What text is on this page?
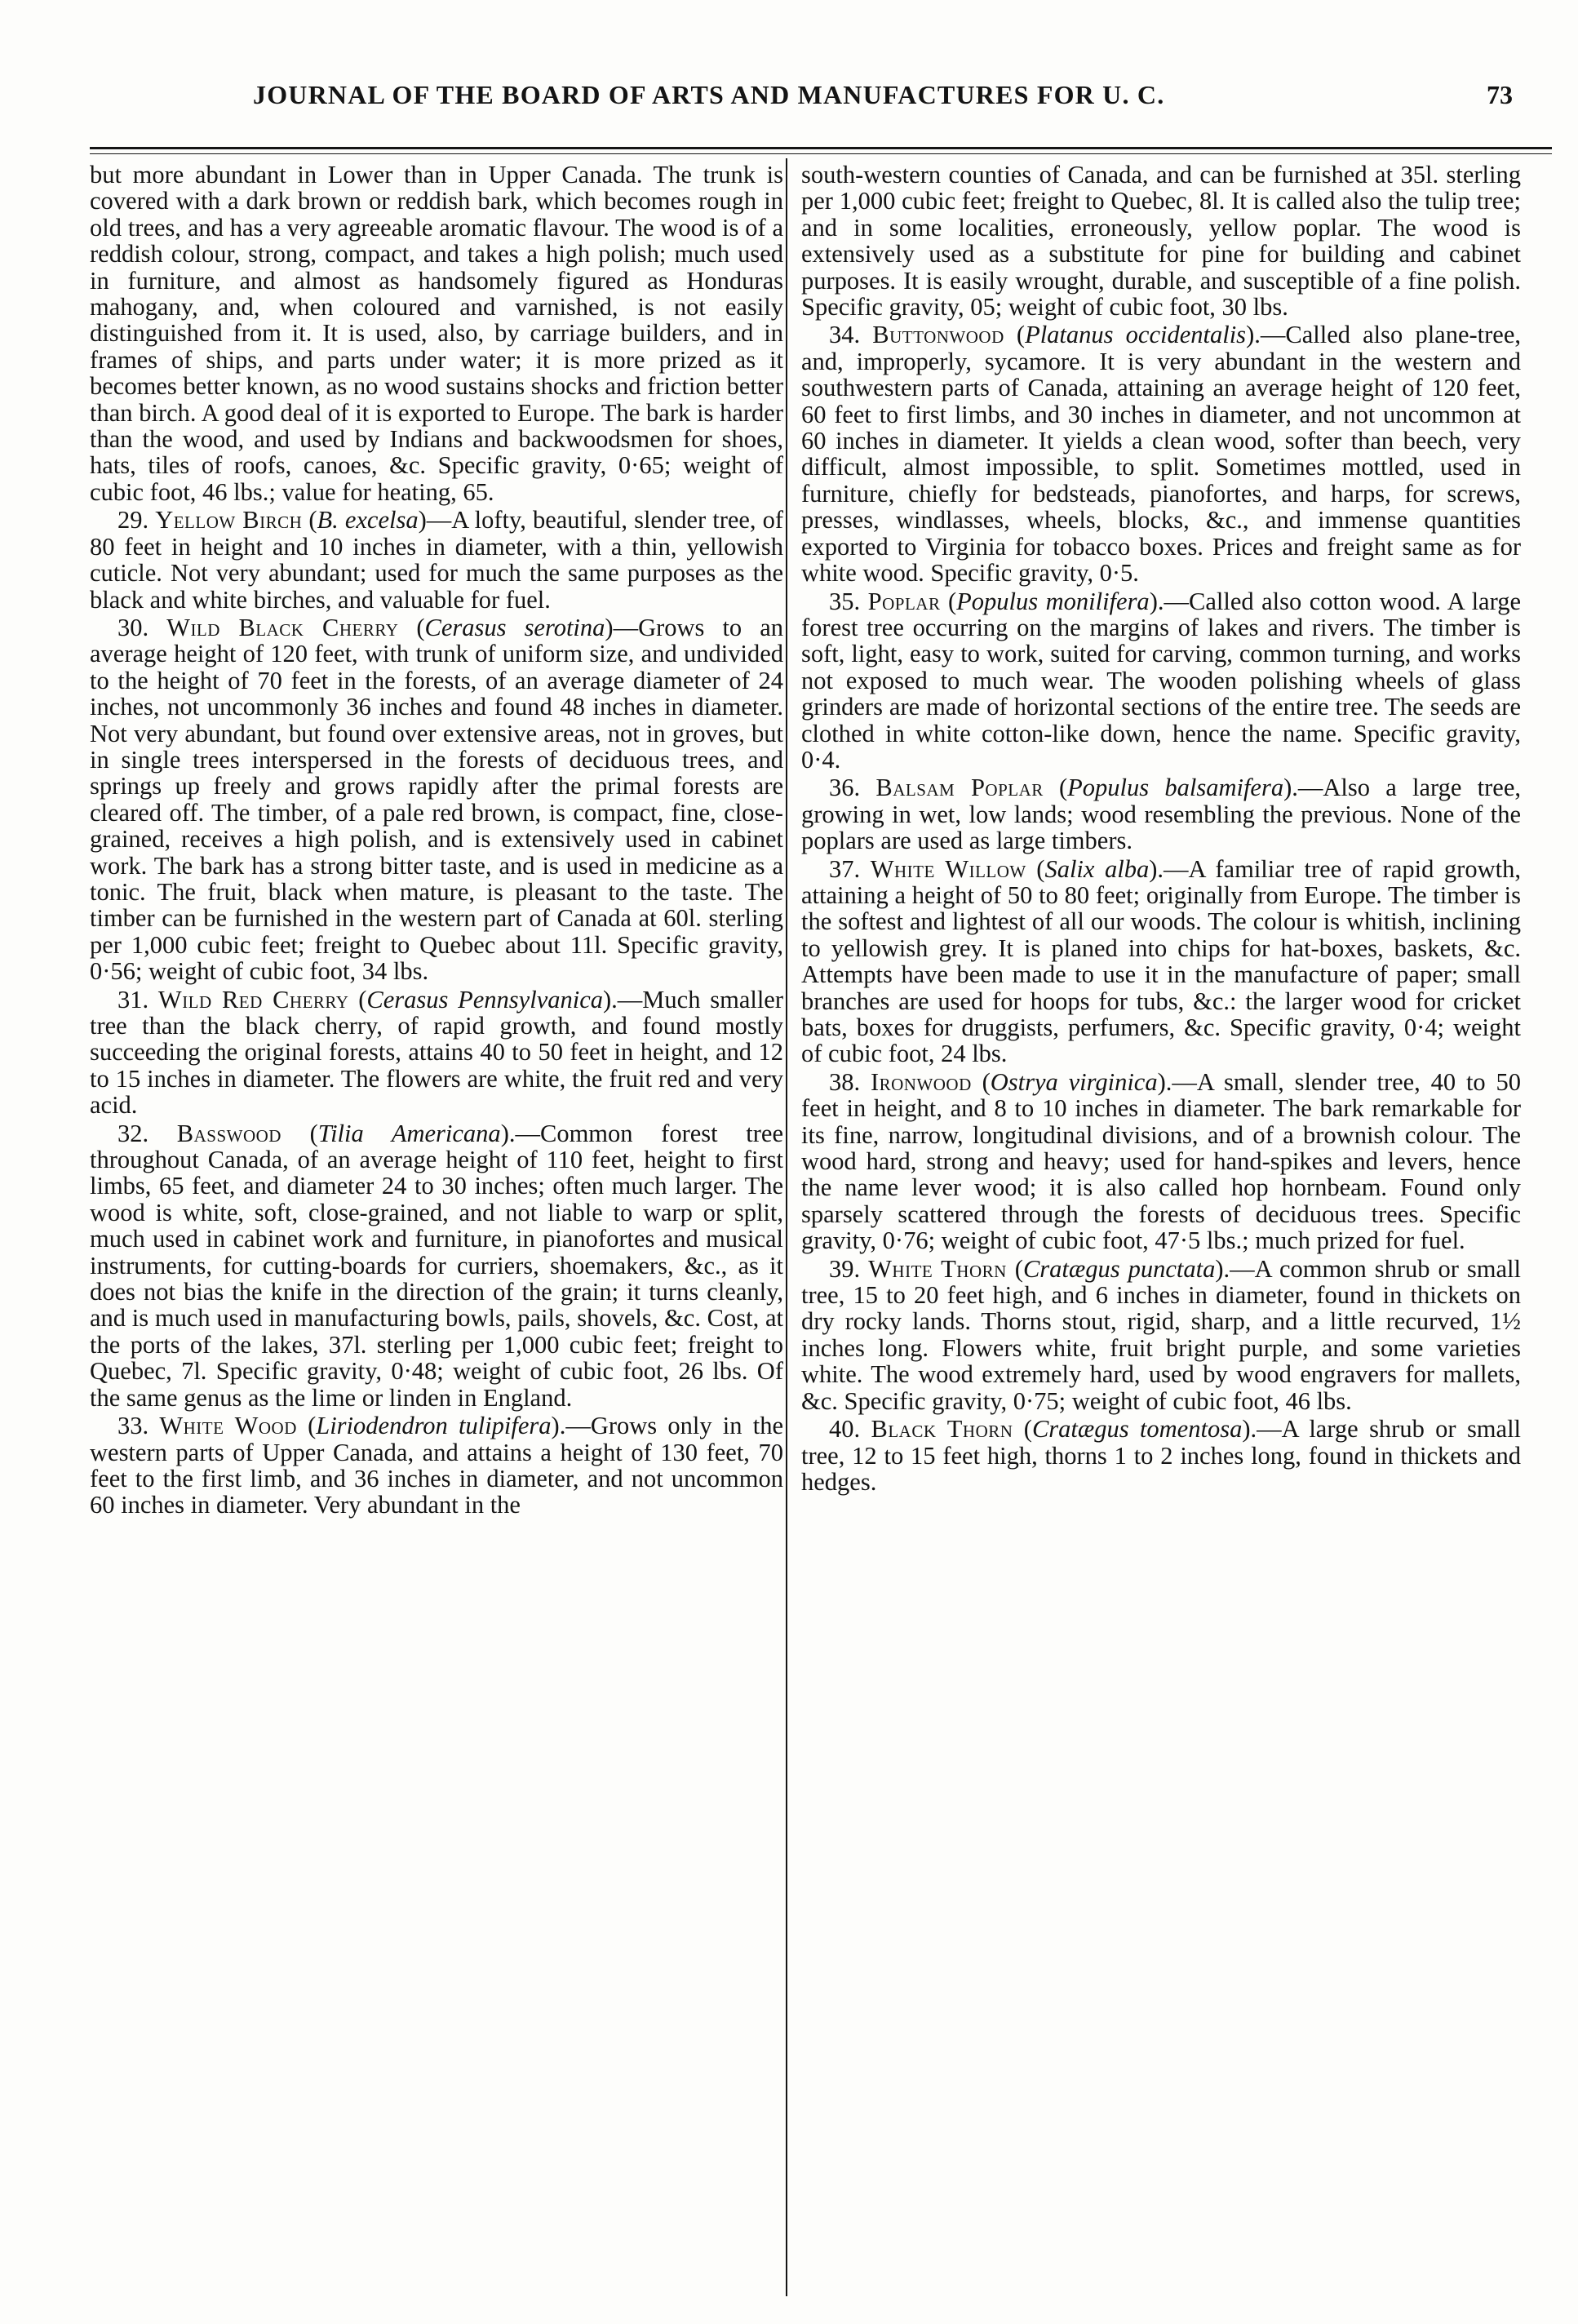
JOURNAL OF THE BOARD OF ARTS AND MANUFACTURES FOR U. C.	73

but more abundant in Lower than in Upper Canada. The trunk is covered with a dark brown or reddish bark, which becomes rough in old trees, and has a very agreeable aromatic flavour. The wood is of a reddish colour, strong, compact, and takes a high polish; much used in furniture, and almost as handsomely figured as Honduras mahogany, and, when coloured and varnished, is not easily distinguished from it. It is used, also, by carriage builders, and in frames of ships, and parts under water; it is more prized as it becomes better known, as no wood sustains shocks and friction better than birch. A good deal of it is exported to Europe. The bark is harder than the wood, and used by Indians and backwoodsmen for shoes, hats, tiles of roofs, canoes, &c. Specific gravity, 0·65; weight of cubic foot, 46 lbs.; value for heating, 65.

29. Yellow Birch (B. excelsa)—A lofty, beautiful, slender tree, of 80 feet in height and 10 inches in diameter, with a thin, yellowish cuticle. Not very abundant; used for much the same purposes as the black and white birches, and valuable for fuel.

30. Wild Black Cherry (Cerasus serotina)—Grows to an average height of 120 feet, with trunk of uniform size, and undivided to the height of 70 feet in the forests, of an average diameter of 24 inches, not uncommonly 36 inches and found 48 inches in diameter. Not very abundant, but found over extensive areas, not in groves, but in single trees interspersed in the forests of deciduous trees, and springs up freely and grows rapidly after the primal forests are cleared off. The timber, of a pale red brown, is compact, fine, close-grained, receives a high polish, and is extensively used in cabinet work. The bark has a strong bitter taste, and is used in medicine as a tonic. The fruit, black when mature, is pleasant to the taste. The timber can be furnished in the western part of Canada at 60l. sterling per 1,000 cubic feet; freight to Quebec about 11l. Specific gravity, 0·56; weight of cubic foot, 34 lbs.

31. Wild Red Cherry (Cerasus Pennsylvanica).—Much smaller tree than the black cherry, of rapid growth, and found mostly succeeding the original forests, attains 40 to 50 feet in height, and 12 to 15 inches in diameter. The flowers are white, the fruit red and very acid.

32. Basswood (Tilia Americana).—Common forest tree throughout Canada, of an average height of 110 feet, height to first limbs, 65 feet, and diameter 24 to 30 inches; often much larger. The wood is white, soft, close-grained, and not liable to warp or split, much used in cabinet work and furniture, in pianofortes and musical instruments, for cutting-boards for curriers, shoemakers, &c., as it does not bias the knife in the direction of the grain; it turns cleanly, and is much used in manufacturing bowls, pails, shovels, &c. Cost, at the ports of the lakes, 37l. sterling per 1,000 cubic feet; freight to Quebec, 7l. Specific gravity, 0·48; weight of cubic foot, 26 lbs. Of the same genus as the lime or linden in England.

33. White Wood (Liriodendron tulipifera).—Grows only in the western parts of Upper Canada, and attains a height of 130 feet, 70 feet to the first limb, and 36 inches in diameter, and not uncommon 60 inches in diameter. Very abundant in the

south-western counties of Canada, and can be furnished at 35l. sterling per 1,000 cubic feet; freight to Quebec, 8l. It is called also the tulip tree; and in some localities, erroneously, yellow poplar. The wood is extensively used as a substitute for pine for building and cabinet purposes. It is easily wrought, durable, and susceptible of a fine polish. Specific gravity, 05; weight of cubic foot, 30 lbs.

34. Buttonwood (Platanus occidentalis).—Called also plane-tree, and, improperly, sycamore. It is very abundant in the western and southwestern parts of Canada, attaining an average height of 120 feet, 60 feet to first limbs, and 30 inches in diameter, and not uncommon at 60 inches in diameter. It yields a clean wood, softer than beech, very difficult, almost impossible, to split. Sometimes mottled, used in furniture, chiefly for bedsteads, pianofortes, and harps, for screws, presses, windlasses, wheels, blocks, &c., and immense quantities exported to Virginia for tobacco boxes. Prices and freight same as for white wood. Specific gravity, 0·5.

35. Poplar (Populus monilifera).—Called also cotton wood. A large forest tree occurring on the margins of lakes and rivers. The timber is soft, light, easy to work, suited for carving, common turning, and works not exposed to much wear. The wooden polishing wheels of glass grinders are made of horizontal sections of the entire tree. The seeds are clothed in white cotton-like down, hence the name. Specific gravity, 0·4.

36. Balsam Poplar (Populus balsamifera).—Also a large tree, growing in wet, low lands; wood resembling the previous. None of the poplars are used as large timbers.

37. White Willow (Salix alba).—A familiar tree of rapid growth, attaining a height of 50 to 80 feet; originally from Europe. The timber is the softest and lightest of all our woods. The colour is whitish, inclining to yellowish grey. It is planed into chips for hat-boxes, baskets, &c. Attempts have been made to use it in the manufacture of paper; small branches are used for hoops for tubs, &c.: the larger wood for cricket bats, boxes for druggists, perfumers, &c. Specific gravity, 0·4; weight of cubic foot, 24 lbs.

38. Ironwood (Ostrya virginica).—A small, slender tree, 40 to 50 feet in height, and 8 to 10 inches in diameter. The bark remarkable for its fine, narrow, longitudinal divisions, and of a brownish colour. The wood hard, strong and heavy; used for hand-spikes and levers, hence the name lever wood; it is also called hop hornbeam. Found only sparsely scattered through the forests of deciduous trees. Specific gravity, 0·76; weight of cubic foot, 47·5 lbs.; much prized for fuel.

39. White Thorn (Cratægus punctata).—A common shrub or small tree, 15 to 20 feet high, and 6 inches in diameter, found in thickets on dry rocky lands. Thorns stout, rigid, sharp, and a little recurved, 1½ inches long. Flowers white, fruit bright purple, and some varieties white. The wood extremely hard, used by wood engravers for mallets, &c. Specific gravity, 0·75; weight of cubic foot, 46 lbs.

40. Black Thorn (Cratægus tomentosa).—A large shrub or small tree, 12 to 15 feet high, thorns 1 to 2 inches long, found in thickets and hedges.
